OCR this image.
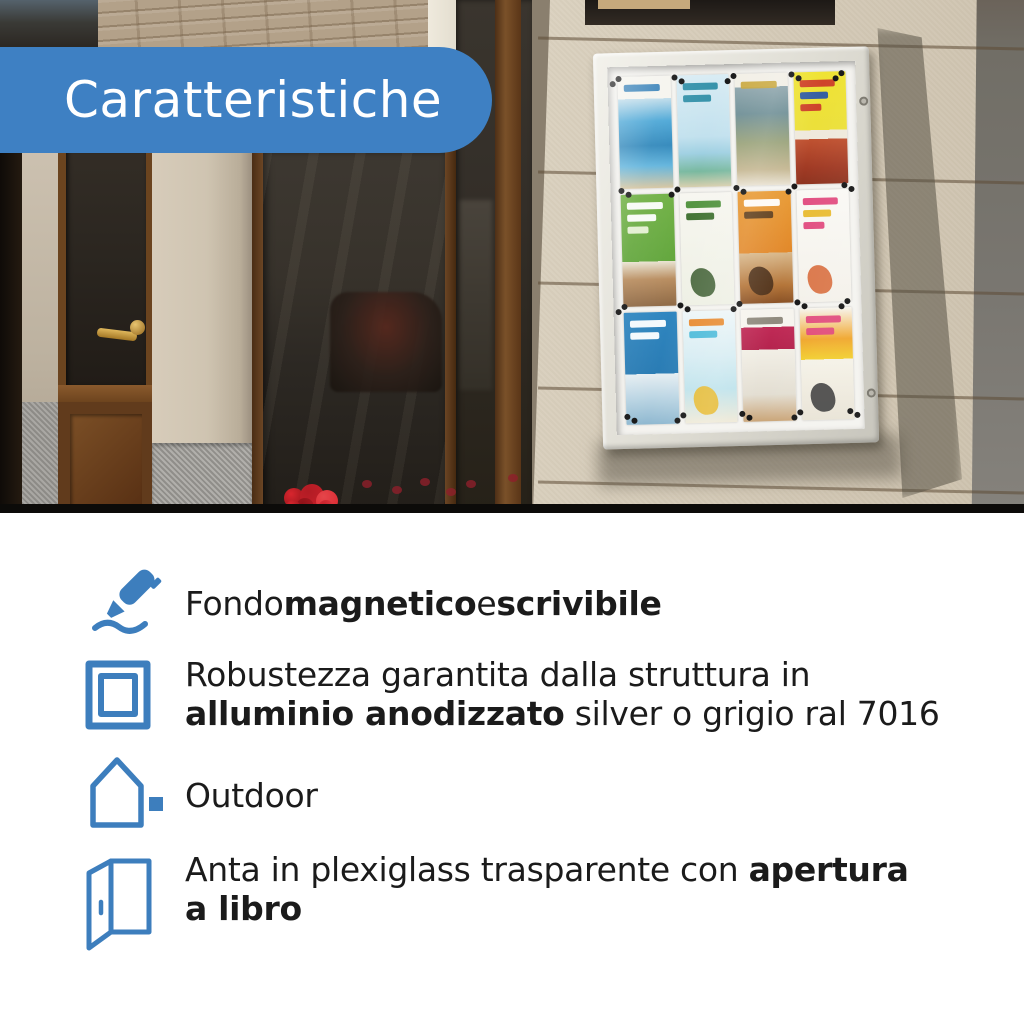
Caratteristiche
Fondo magnetico e scrivibile
Robustezza garantita dalla struttura in
alluminio anodizzato silver o grigio ral 7016
Outdoor
Anta in plexiglass trasparente con apertura
a libro
